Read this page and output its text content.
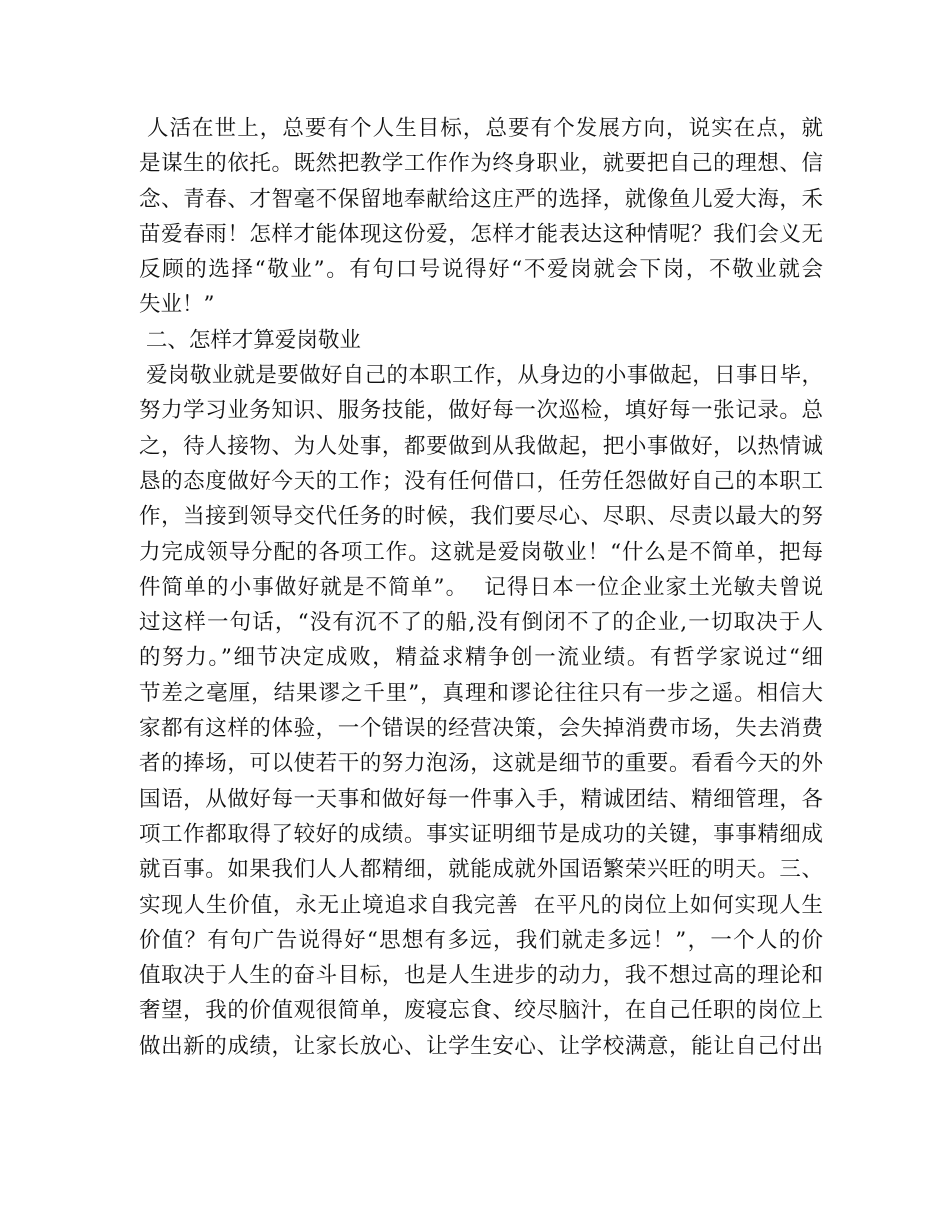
人活在世上，总要有个人生目标，总要有个发展方向，说实在点，就
是谋生的依托。既然把教学工作作为终身职业，就要把自己的理想、信
念、青春、才智毫不保留地奉献给这庄严的选择，就像鱼儿爱大海，禾
苗爱春雨！怎样才能体现这份爱，怎样才能表达这种情呢？我们会义无
反顾的选择“敬业”。有句口号说得好“不爱岗就会下岗，不敬业就会
失业！”
二、怎样才算爱岗敬业
爱岗敬业就是要做好自己的本职工作，从身边的小事做起，日事日毕，
努力学习业务知识、服务技能，做好每一次巡检，填好每一张记录。总
之，待人接物、为人处事，都要做到从我做起，把小事做好，以热情诚
恳的态度做好今天的工作；没有任何借口，任劳任怨做好自己的本职工
作，当接到领导交代任务的时候，我们要尽心、尽职、尽责以最大的努
力完成领导分配的各项工作。这就是爱岗敬业！“什么是不简单，把每
件简单的小事做好就是不简单”。  记得日本一位企业家土光敏夫曾说
过这样一句话，“没有沉不了的船,没有倒闭不了的企业,一切取决于人
的努力。”细节决定成败，精益求精争创一流业绩。有哲学家说过“细
节差之毫厘，结果谬之千里”，真理和谬论往往只有一步之遥。相信大
家都有这样的体验，一个错误的经营决策，会失掉消费市场，失去消费
者的捧场，可以使若干的努力泡汤，这就是细节的重要。看看今天的外
国语，从做好每一天事和做好每一件事入手，精诚团结、精细管理，各
项工作都取得了较好的成绩。事实证明细节是成功的关键，事事精细成
就百事。如果我们人人都精细，就能成就外国语繁荣兴旺的明天。三、
实现人生价值，永无止境追求自我完善  在平凡的岗位上如何实现人生
价值？有句广告说得好“思想有多远，我们就走多远！”，一个人的价
值取决于人生的奋斗目标，也是人生进步的动力，我不想过高的理论和
奢望，我的价值观很简单，废寝忘食、绞尽脑汁，在自己任职的岗位上
做出新的成绩，让家长放心、让学生安心、让学校满意，能让自己付出
